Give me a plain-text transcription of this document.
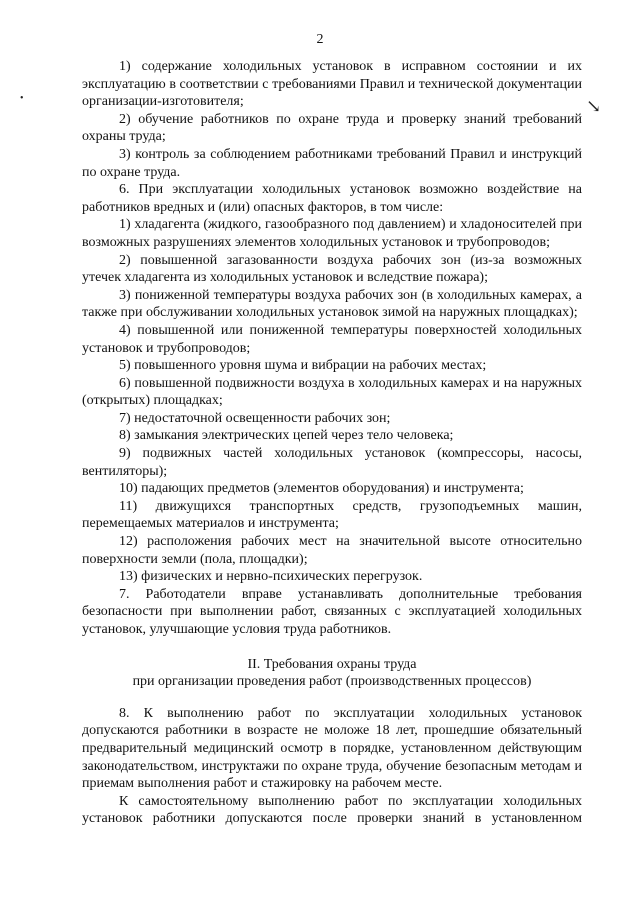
2
•	↘

1) содержание холодильных установок в исправном состоянии и их эксплуатацию в соответствии с требованиями Правил и технической документации организации-изготовителя;

2) обучение работников по охране труда и проверку знаний требований охраны труда;

3) контроль за соблюдением работниками требований Правил и инструкций по охране труда.

6. При эксплуатации холодильных установок возможно воздействие на работников вредных и (или) опасных факторов, в том числе:

1) хладагента (жидкого, газообразного под давлением) и хладоносителей при возможных разрушениях элементов холодильных установок и трубопроводов;

2) повышенной загазованности воздуха рабочих зон (из-за возможных утечек хладагента из холодильных установок и вследствие пожара);

3) пониженной температуры воздуха рабочих зон (в холодильных камерах, а также при обслуживании холодильных установок зимой на наружных площадках);

4) повышенной или пониженной температуры поверхностей холодильных установок и трубопроводов;

5) повышенного уровня шума и вибрации на рабочих местах;

6) повышенной подвижности воздуха в холодильных камерах и на наружных (открытых) площадках;

7) недостаточной освещенности рабочих зон;

8) замыкания электрических цепей через тело человека;

9) подвижных частей холодильных установок (компрессоры, насосы, вентиляторы);

10) падающих предметов (элементов оборудования) и инструмента;

11) движущихся транспортных средств, грузоподъемных машин, перемещаемых материалов и инструмента;

12) расположения рабочих мест на значительной высоте относительно поверхности земли (пола, площадки);

13) физических и нервно-психических перегрузок.

7. Работодатели вправе устанавливать дополнительные требования безопасности при выполнении работ, связанных с эксплуатацией холодильных установок, улучшающие условия труда работников.

II. Требования охраны труда

при организации проведения работ (производственных процессов)

8. К выполнению работ по эксплуатации холодильных установок допускаются работники в возрасте не моложе 18 лет, прошедшие обязательный предварительный медицинский осмотр в порядке, установленном действующим законодательством, инструктажи по охране труда, обучение безопасным методам и приемам выполнения работ и стажировку на рабочем месте.

К самостоятельному выполнению работ по эксплуатации холодильных установок работники допускаются после проверки знаний в установленном
